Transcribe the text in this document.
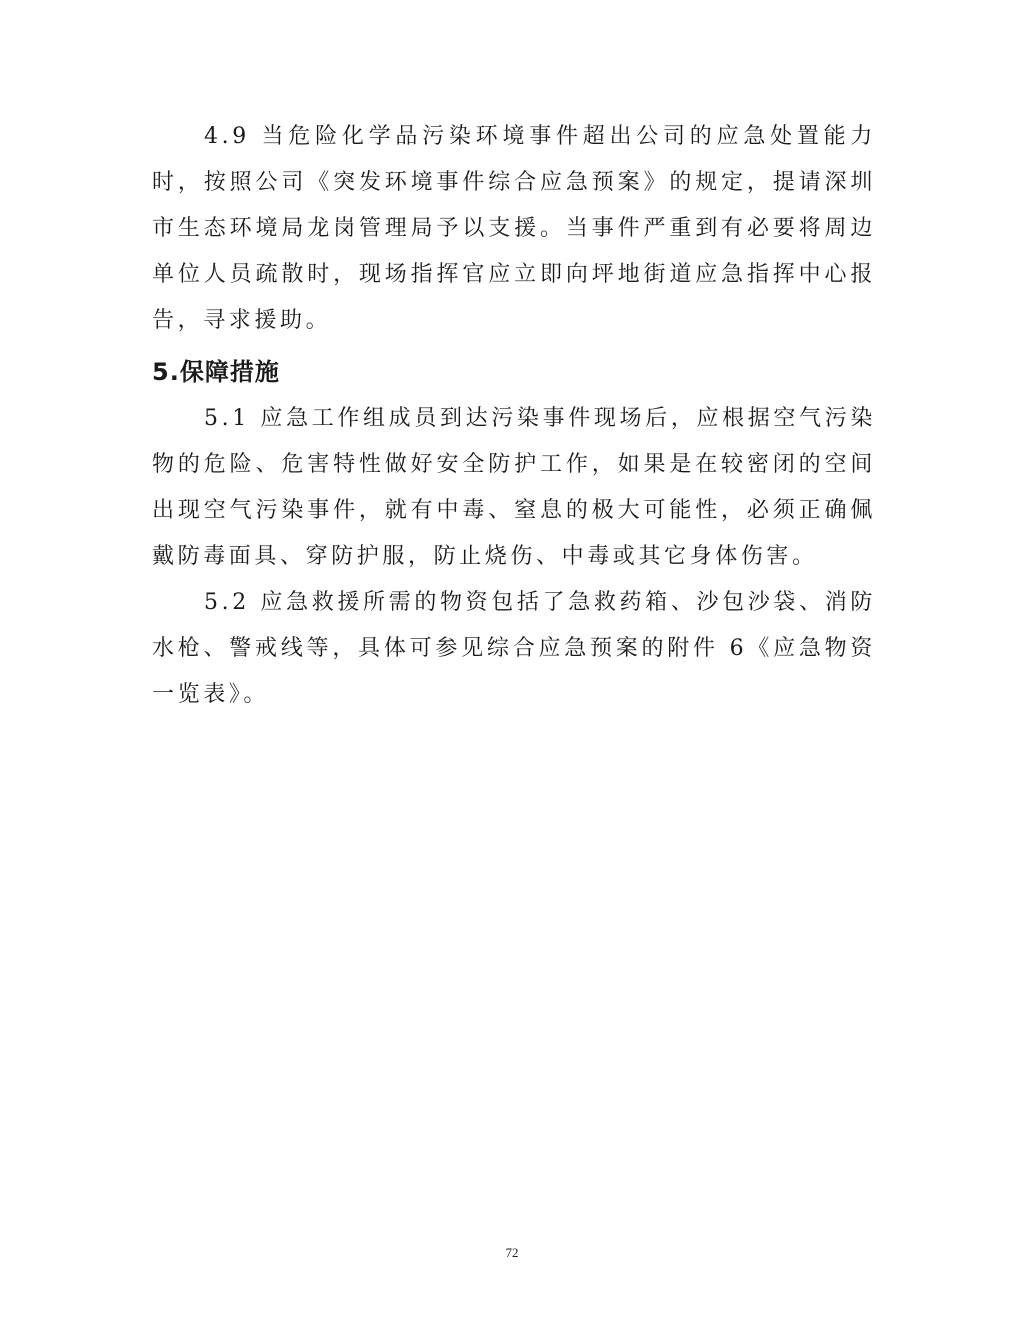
4.9 当危险化学品污染环境事件超出公司的应急处置能力时，按照公司《突发环境事件综合应急预案》的规定，提请深圳市生态环境局龙岗管理局予以支援。当事件严重到有必要将周边单位人员疏散时，现场指挥官应立即向坪地街道应急指挥中心报告，寻求援助。

5.保障措施

5.1 应急工作组成员到达污染事件现场后，应根据空气污染物的危险、危害特性做好安全防护工作，如果是在较密闭的空间出现空气污染事件，就有中毒、窒息的极大可能性，必须正确佩戴防毒面具、穿防护服，防止烧伤、中毒或其它身体伤害。

5.2 应急救援所需的物资包括了急救药箱、沙包沙袋、消防水枪、警戒线等，具体可参见综合应急预案的附件 6《应急物资一览表》。

72
